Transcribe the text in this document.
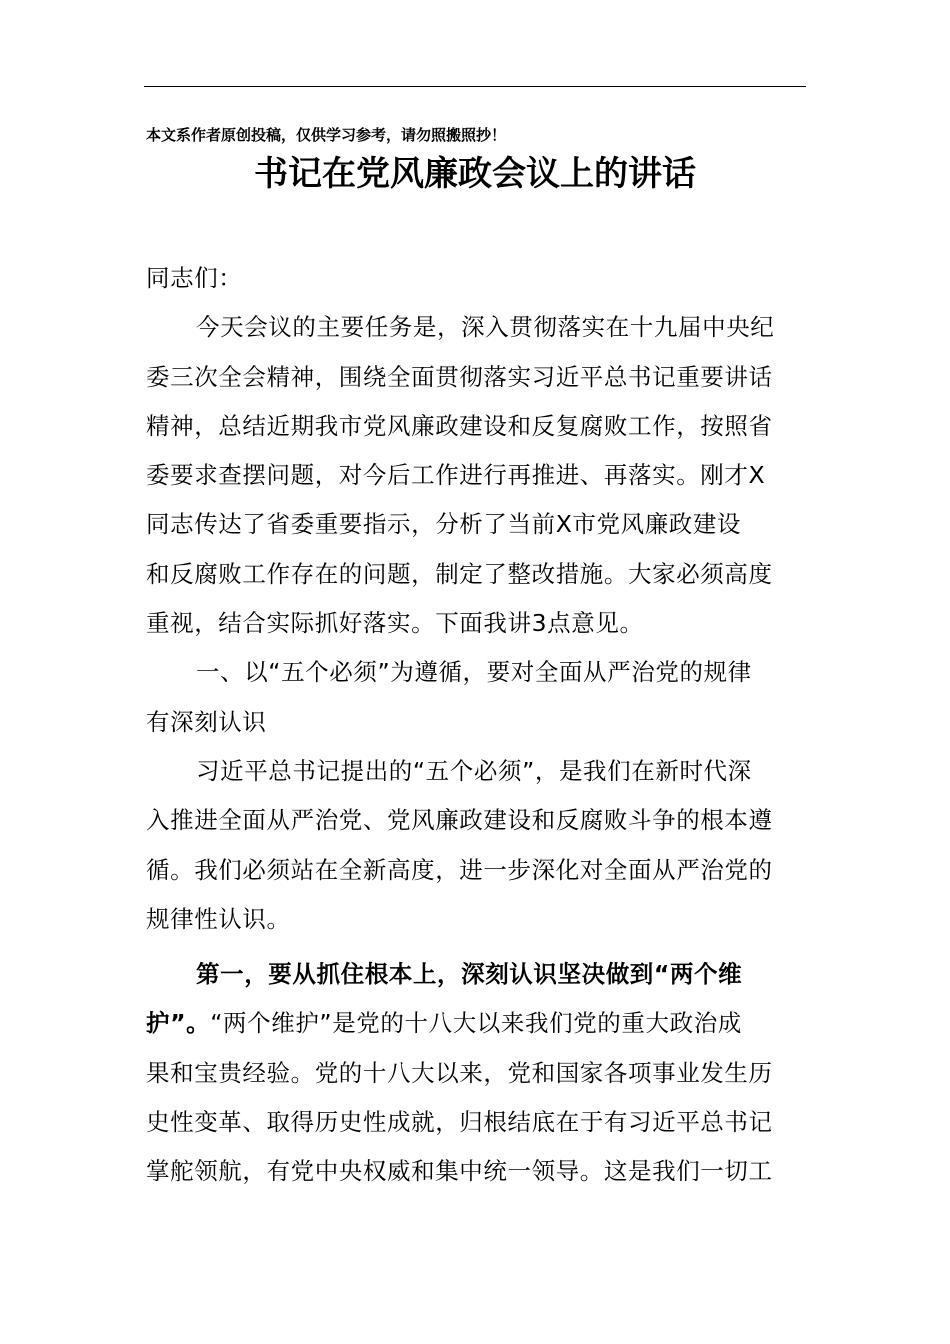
本文系作者原创投稿，仅供学习参考，请勿照搬照抄！
书记在党风廉政会议上的讲话
同志们：
今天会议的主要任务是，深入贯彻落实在十九届中央纪
委三次全会精神，围绕全面贯彻落实习近平总书记重要讲话
精神，总结近期我市党风廉政建设和反复腐败工作，按照省
委要求查摆问题，对今后工作进行再推进、再落实。刚才X
同志传达了省委重要指示，分析了当前X市党风廉政建设
和反腐败工作存在的问题，制定了整改措施。大家必须高度
重视，结合实际抓好落实。下面我讲3点意见。
一、以“五个必须”为遵循，要对全面从严治党的规律
有深刻认识
习近平总书记提出的“五个必须”，是我们在新时代深
入推进全面从严治党、党风廉政建设和反腐败斗争的根本遵
循。我们必须站在全新高度，进一步深化对全面从严治党的
规律性认识。
第一，要从抓住根本上，深刻认识坚决做到“两个维
护”。“两个维护”是党的十八大以来我们党的重大政治成
果和宝贵经验。党的十八大以来，党和国家各项事业发生历
史性变革、取得历史性成就，归根结底在于有习近平总书记
掌舵领航，有党中央权威和集中统一领导。这是我们一切工
